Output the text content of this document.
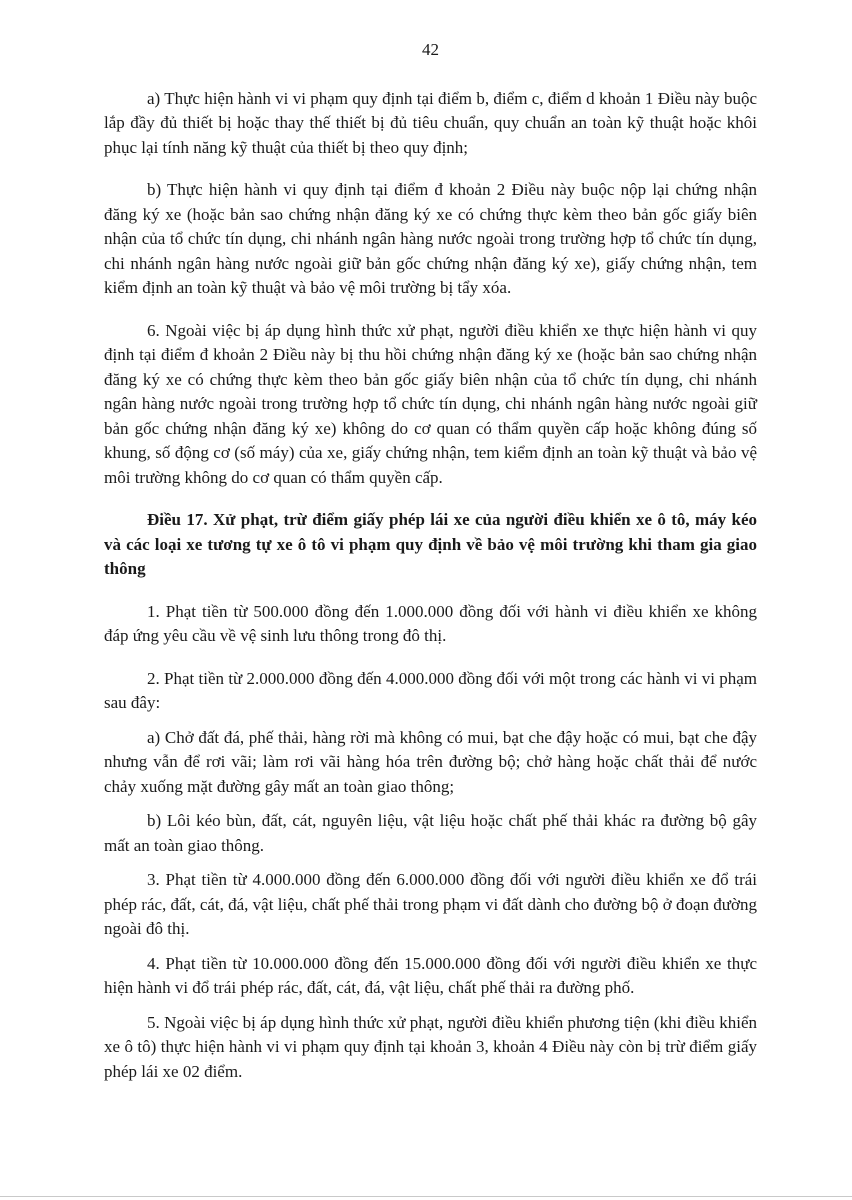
42

a) Thực hiện hành vi vi phạm quy định tại điểm b, điểm c, điểm d khoản 1 Điều này buộc lắp đầy đủ thiết bị hoặc thay thế thiết bị đủ tiêu chuẩn, quy chuẩn an toàn kỹ thuật hoặc khôi phục lại tính năng kỹ thuật của thiết bị theo quy định;

b) Thực hiện hành vi quy định tại điểm đ khoản 2 Điều này buộc nộp lại chứng nhận đăng ký xe (hoặc bản sao chứng nhận đăng ký xe có chứng thực kèm theo bản gốc giấy biên nhận của tổ chức tín dụng, chi nhánh ngân hàng nước ngoài trong trường hợp tổ chức tín dụng, chi nhánh ngân hàng nước ngoài giữ bản gốc chứng nhận đăng ký xe), giấy chứng nhận, tem kiểm định an toàn kỹ thuật và bảo vệ môi trường bị tẩy xóa.

6. Ngoài việc bị áp dụng hình thức xử phạt, người điều khiển xe thực hiện hành vi quy định tại điểm đ khoản 2 Điều này bị thu hồi chứng nhận đăng ký xe (hoặc bản sao chứng nhận đăng ký xe có chứng thực kèm theo bản gốc giấy biên nhận của tổ chức tín dụng, chi nhánh ngân hàng nước ngoài trong trường hợp tổ chức tín dụng, chi nhánh ngân hàng nước ngoài giữ bản gốc chứng nhận đăng ký xe) không do cơ quan có thẩm quyền cấp hoặc không đúng số khung, số động cơ (số máy) của xe, giấy chứng nhận, tem kiểm định an toàn kỹ thuật và bảo vệ môi trường không do cơ quan có thẩm quyền cấp.

Điều 17. Xử phạt, trừ điểm giấy phép lái xe của người điều khiển xe ô tô, máy kéo và các loại xe tương tự xe ô tô vi phạm quy định về bảo vệ môi trường khi tham gia giao thông

1. Phạt tiền từ 500.000 đồng đến 1.000.000 đồng đối với hành vi điều khiển xe không đáp ứng yêu cầu về vệ sinh lưu thông trong đô thị.

2. Phạt tiền từ 2.000.000 đồng đến 4.000.000 đồng đối với một trong các hành vi vi phạm sau đây:

a) Chở đất đá, phế thải, hàng rời mà không có mui, bạt che đậy hoặc có mui, bạt che đậy nhưng vẫn để rơi vãi; làm rơi vãi hàng hóa trên đường bộ; chở hàng hoặc chất thải để nước chảy xuống mặt đường gây mất an toàn giao thông;

b) Lôi kéo bùn, đất, cát, nguyên liệu, vật liệu hoặc chất phế thải khác ra đường bộ gây mất an toàn giao thông.

3. Phạt tiền từ 4.000.000 đồng đến 6.000.000 đồng đối với người điều khiển xe đổ trái phép rác, đất, cát, đá, vật liệu, chất phế thải trong phạm vi đất dành cho đường bộ ở đoạn đường ngoài đô thị.

4. Phạt tiền từ 10.000.000 đồng đến 15.000.000 đồng đối với người điều khiển xe thực hiện hành vi đổ trái phép rác, đất, cát, đá, vật liệu, chất phế thải ra đường phố.

5. Ngoài việc bị áp dụng hình thức xử phạt, người điều khiển phương tiện (khi điều khiển xe ô tô) thực hiện hành vi vi phạm quy định tại khoản 3, khoản 4 Điều này còn bị trừ điểm giấy phép lái xe 02 điểm.
